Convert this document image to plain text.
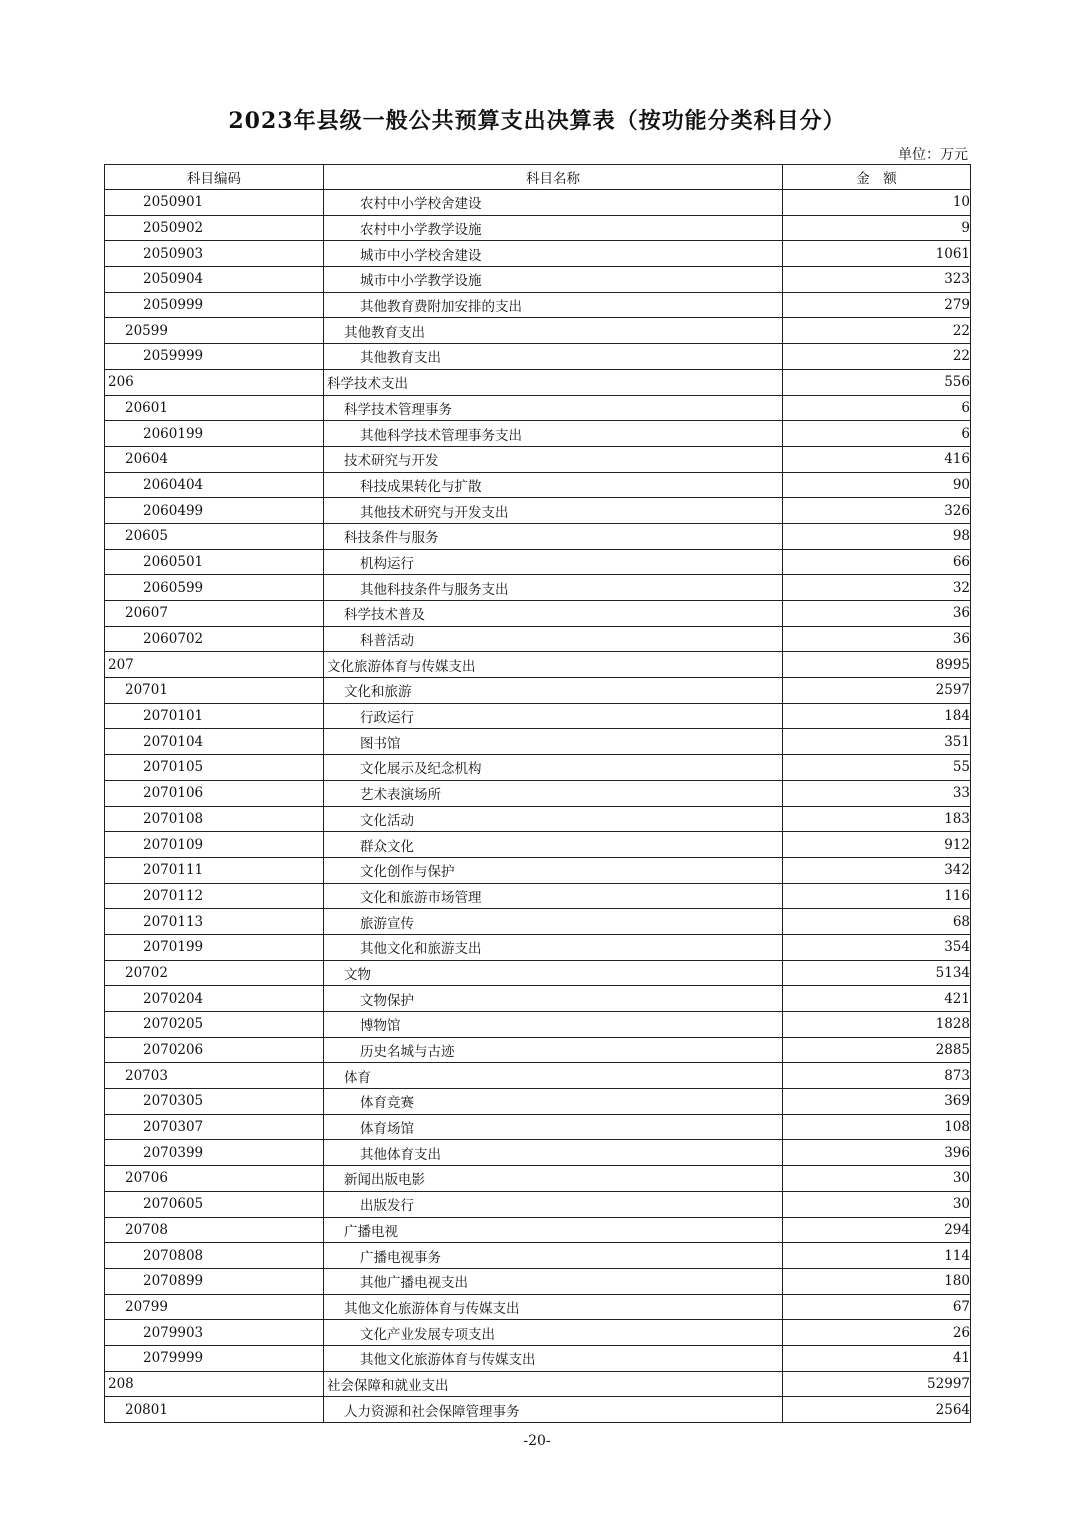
2023年县级一般公共预算支出决算表（按功能分类科目分）
单位：万元
科目编码	科目名称	金　额
2050901	农村中小学校舍建设	10
2050902	农村中小学教学设施	9
2050903	城市中小学校舍建设	1061
2050904	城市中小学教学设施	323
2050999	其他教育费附加安排的支出	279
20599	其他教育支出	22
2059999	其他教育支出	22
206	科学技术支出	556
20601	科学技术管理事务	6
2060199	其他科学技术管理事务支出	6
20604	技术研究与开发	416
2060404	科技成果转化与扩散	90
2060499	其他技术研究与开发支出	326
20605	科技条件与服务	98
2060501	机构运行	66
2060599	其他科技条件与服务支出	32
20607	科学技术普及	36
2060702	科普活动	36
207	文化旅游体育与传媒支出	8995
20701	文化和旅游	2597
2070101	行政运行	184
2070104	图书馆	351
2070105	文化展示及纪念机构	55
2070106	艺术表演场所	33
2070108	文化活动	183
2070109	群众文化	912
2070111	文化创作与保护	342
2070112	文化和旅游市场管理	116
2070113	旅游宣传	68
2070199	其他文化和旅游支出	354
20702	文物	5134
2070204	文物保护	421
2070205	博物馆	1828
2070206	历史名城与古迹	2885
20703	体育	873
2070305	体育竞赛	369
2070307	体育场馆	108
2070399	其他体育支出	396
20706	新闻出版电影	30
2070605	出版发行	30
20708	广播电视	294
2070808	广播电视事务	114
2070899	其他广播电视支出	180
20799	其他文化旅游体育与传媒支出	67
2079903	文化产业发展专项支出	26
2079999	其他文化旅游体育与传媒支出	41
208	社会保障和就业支出	52997
20801	人力资源和社会保障管理事务	2564
-20-
